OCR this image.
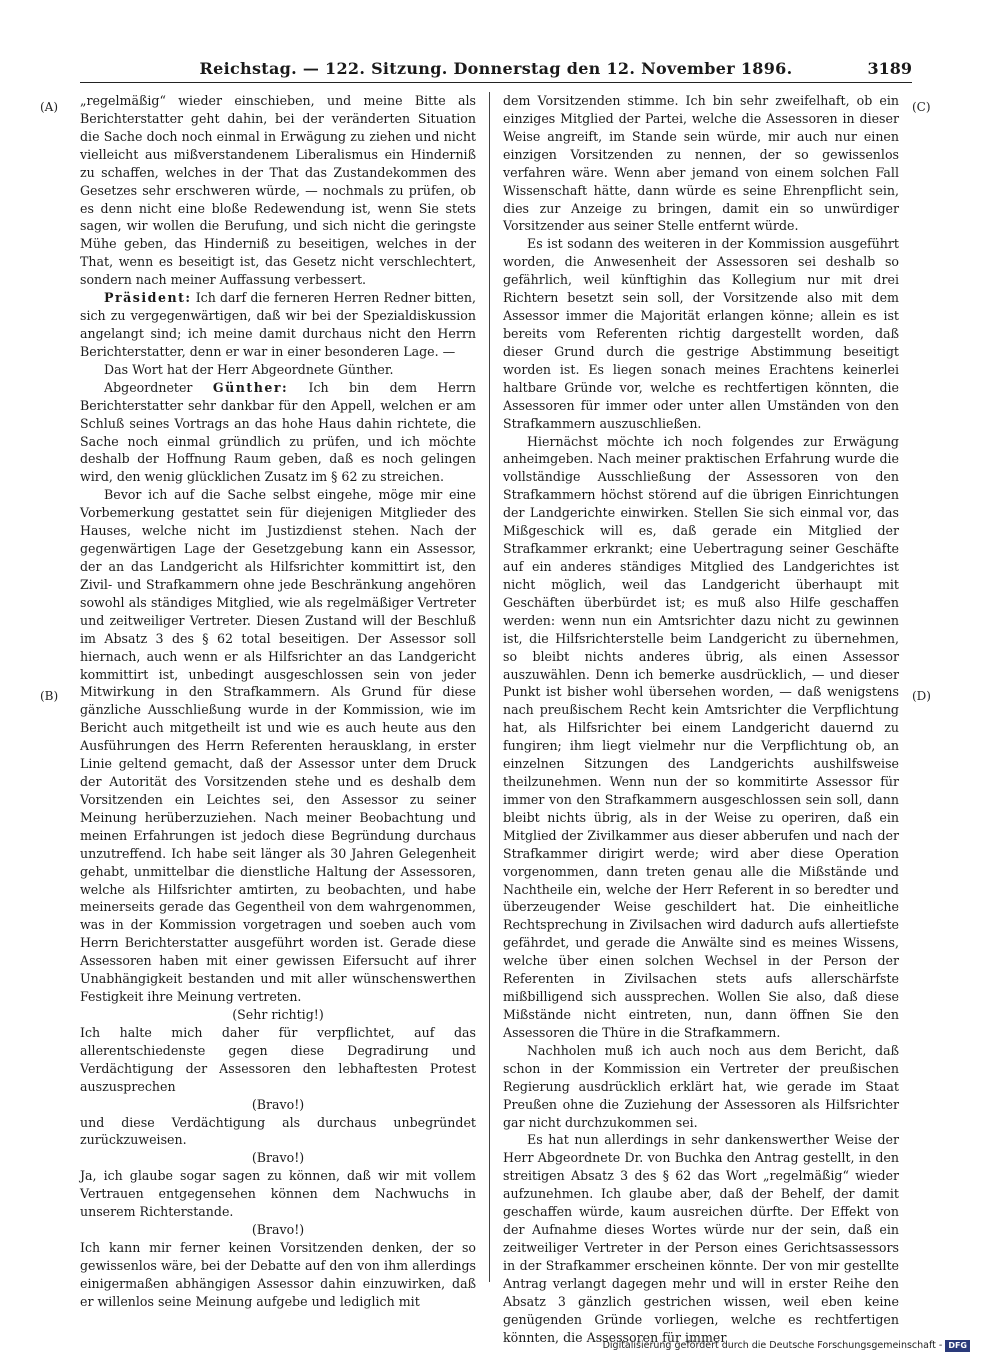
Reichstag. — 122. Sitzung. Donnerstag den 12. November 1896.	3189
(A)
(B)
(C)
(D)

„regelmäßig“ wieder einschieben, und meine Bitte als Berichterstatter geht dahin, bei der veränderten Situation die Sache doch noch einmal in Erwägung zu ziehen und nicht vielleicht aus mißverstandenem Liberalismus ein Hinderniß zu schaffen, welches in der That das Zustandekommen des Gesetzes sehr erschweren würde, — nochmals zu prüfen, ob es denn nicht eine bloße Redewendung ist, wenn Sie stets sagen, wir wollen die Berufung, und sich nicht die geringste Mühe geben, das Hinderniß zu beseitigen, welches in der That, wenn es beseitigt ist, das Gesetz nicht verschlechtert, sondern nach meiner Auffassung verbessert.

Präsident: Ich darf die ferneren Herren Redner bitten, sich zu vergegenwärtigen, daß wir bei der Spezialdiskussion angelangt sind; ich meine damit durchaus nicht den Herrn Berichterstatter, denn er war in einer besonderen Lage. —

Das Wort hat der Herr Abgeordnete Günther.

Abgeordneter Günther: Ich bin dem Herrn Berichterstatter sehr dankbar für den Appell, welchen er am Schluß seines Vortrags an das hohe Haus dahin richtete, die Sache noch einmal gründlich zu prüfen, und ich möchte deshalb der Hoffnung Raum geben, daß es noch gelingen wird, den wenig glücklichen Zusatz im § 62 zu streichen.

Bevor ich auf die Sache selbst eingehe, möge mir eine Vorbemerkung gestattet sein für diejenigen Mitglieder des Hauses, welche nicht im Justizdienst stehen. Nach der gegenwärtigen Lage der Gesetzgebung kann ein Assessor, der an das Landgericht als Hilfsrichter kommittirt ist, den Zivil- und Strafkammern ohne jede Beschränkung angehören sowohl als ständiges Mitglied, wie als regelmäßiger Vertreter und zeitweiliger Vertreter. Diesen Zustand will der Beschluß im Absatz 3 des § 62 total beseitigen. Der Assessor soll hiernach, auch wenn er als Hilfsrichter an das Landgericht kommittirt ist, unbedingt ausgeschlossen sein von jeder Mitwirkung in den Strafkammern. Als Grund für diese gänzliche Ausschließung wurde in der Kommission, wie im Bericht auch mitgetheilt ist und wie es auch heute aus den Ausführungen des Herrn Referenten herausklang, in erster Linie geltend gemacht, daß der Assessor unter dem Druck der Autorität des Vorsitzenden stehe und es deshalb dem Vorsitzenden ein Leichtes sei, den Assessor zu seiner Meinung herüberzuziehen. Nach meiner Beobachtung und meinen Erfahrungen ist jedoch diese Begründung durchaus unzutreffend. Ich habe seit länger als 30 Jahren Gelegenheit gehabt, unmittelbar die dienstliche Haltung der Assessoren, welche als Hilfsrichter amtirten, zu beobachten, und habe meinerseits gerade das Gegentheil von dem wahrgenommen, was in der Kommission vorgetragen und soeben auch vom Herrn Berichterstatter ausgeführt worden ist. Gerade diese Assessoren haben mit einer gewissen Eifersucht auf ihrer Unabhängigkeit bestanden und mit aller wünschenswerthen Festigkeit ihre Meinung vertreten.

(Sehr richtig!)

Ich halte mich daher für verpflichtet, auf das allerentschiedenste gegen diese Degradirung und Verdächtigung der Assessoren den lebhaftesten Protest auszusprechen

(Bravo!)

und diese Verdächtigung als durchaus unbegründet zurückzuweisen.

(Bravo!)

Ja, ich glaube sogar sagen zu können, daß wir mit vollem Vertrauen entgegensehen können dem Nachwuchs in unserem Richterstande.

(Bravo!)

Ich kann mir ferner keinen Vorsitzenden denken, der so gewissenlos wäre, bei der Debatte auf den von ihm allerdings einigermaßen abhängigen Assessor dahin einzuwirken, daß er willenlos seine Meinung aufgebe und lediglich mit

dem Vorsitzenden stimme. Ich bin sehr zweifelhaft, ob ein einziges Mitglied der Partei, welche die Assessoren in dieser Weise angreift, im Stande sein würde, mir auch nur einen einzigen Vorsitzenden zu nennen, der so gewissenlos verfahren wäre. Wenn aber jemand von einem solchen Fall Wissenschaft hätte, dann würde es seine Ehrenpflicht sein, dies zur Anzeige zu bringen, damit ein so unwürdiger Vorsitzender aus seiner Stelle entfernt würde.

Es ist sodann des weiteren in der Kommission ausgeführt worden, die Anwesenheit der Assessoren sei deshalb so gefährlich, weil künftighin das Kollegium nur mit drei Richtern besetzt sein soll, der Vorsitzende also mit dem Assessor immer die Majorität erlangen könne; allein es ist bereits vom Referenten richtig dargestellt worden, daß dieser Grund durch die gestrige Abstimmung beseitigt worden ist. Es liegen sonach meines Erachtens keinerlei haltbare Gründe vor, welche es rechtfertigen könnten, die Assessoren für immer oder unter allen Umständen von den Strafkammern auszuschließen.

Hiernächst möchte ich noch folgendes zur Erwägung anheimgeben. Nach meiner praktischen Erfahrung wurde die vollständige Ausschließung der Assessoren von den Strafkammern höchst störend auf die übrigen Einrichtungen der Landgerichte einwirken. Stellen Sie sich einmal vor, das Mißgeschick will es, daß gerade ein Mitglied der Strafkammer erkrankt; eine Uebertragung seiner Geschäfte auf ein anderes ständiges Mitglied des Landgerichtes ist nicht möglich, weil das Landgericht überhaupt mit Geschäften überbürdet ist; es muß also Hilfe geschaffen werden: wenn nun ein Amtsrichter dazu nicht zu gewinnen ist, die Hilfsrichterstelle beim Landgericht zu übernehmen, so bleibt nichts anderes übrig, als einen Assessor auszuwählen. Denn ich bemerke ausdrücklich, — und dieser Punkt ist bisher wohl übersehen worden, — daß wenigstens nach preußischem Recht kein Amtsrichter die Verpflichtung hat, als Hilfsrichter bei einem Landgericht dauernd zu fungiren; ihm liegt vielmehr nur die Verpflichtung ob, an einzelnen Sitzungen des Landgerichts aushilfsweise theilzunehmen. Wenn nun der so kommitirte Assessor für immer von den Strafkammern ausgeschlossen sein soll, dann bleibt nichts übrig, als in der Weise zu operiren, daß ein Mitglied der Zivilkammer aus dieser abberufen und nach der Strafkammer dirigirt werde; wird aber diese Operation vorgenommen, dann treten genau alle die Mißstände und Nachtheile ein, welche der Herr Referent in so beredter und überzeugender Weise geschildert hat. Die einheitliche Rechtsprechung in Zivilsachen wird dadurch aufs allertiefste gefährdet, und gerade die Anwälte sind es meines Wissens, welche über einen solchen Wechsel in der Person der Referenten in Zivilsachen stets aufs allerschärfste mißbilligend sich aussprechen. Wollen Sie also, daß diese Mißstände nicht eintreten, nun, dann öffnen Sie den Assessoren die Thüre in die Strafkammern.

Nachholen muß ich auch noch aus dem Bericht, daß schon in der Kommission ein Vertreter der preußischen Regierung ausdrücklich erklärt hat, wie gerade im Staat Preußen ohne die Zuziehung der Assessoren als Hilfsrichter gar nicht durchzukommen sei.

Es hat nun allerdings in sehr dankenswerther Weise der Herr Abgeordnete Dr. von Buchka den Antrag gestellt, in den streitigen Absatz 3 des § 62 das Wort „regelmäßig“ wieder aufzunehmen. Ich glaube aber, daß der Behelf, der damit geschaffen würde, kaum ausreichen dürfte. Der Effekt von der Aufnahme dieses Wortes würde nur der sein, daß ein zeitweiliger Vertreter in der Person eines Gerichtsassessors in der Strafkammer erscheinen könnte. Der von mir gestellte Antrag verlangt dagegen mehr und will in erster Reihe den Absatz 3 gänzlich gestrichen wissen, weil eben keine genügenden Gründe vorliegen, welche es rechtfertigen könnten, die Assessoren für immer

Digitalisierung gefördert durch die Deutsche Forschungsgemeinschaft - DFG
